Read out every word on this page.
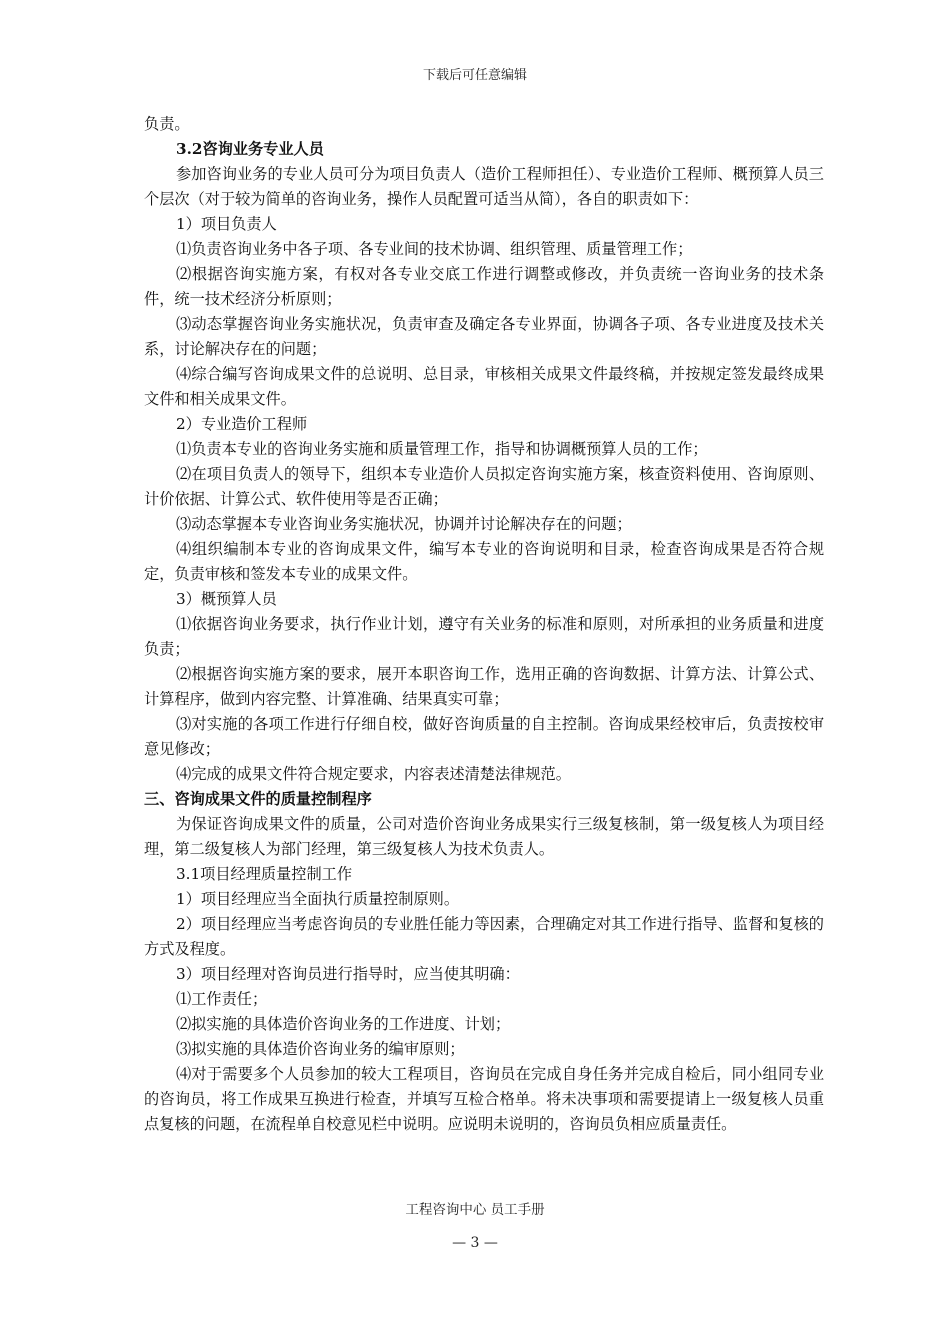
下载后可任意编辑

负责。

3.2咨询业务专业人员

参加咨询业务的专业人员可分为项目负责人（造价工程师担任）、专业造价工程师、概预算人员三个层次（对于较为简单的咨询业务，操作人员配置可适当从简），各自的职责如下：

1）项目负责人

⑴负责咨询业务中各子项、各专业间的技术协调、组织管理、质量管理工作；

⑵根据咨询实施方案，有权对各专业交底工作进行调整或修改，并负责统一咨询业务的技术条件，统一技术经济分析原则；

⑶动态掌握咨询业务实施状况，负责审查及确定各专业界面，协调各子项、各专业进度及技术关系，讨论解决存在的问题；

⑷综合编写咨询成果文件的总说明、总目录，审核相关成果文件最终稿，并按规定签发最终成果文件和相关成果文件。

2）专业造价工程师

⑴负责本专业的咨询业务实施和质量管理工作，指导和协调概预算人员的工作；

⑵在项目负责人的领导下，组织本专业造价人员拟定咨询实施方案，核查资料使用、咨询原则、计价依据、计算公式、软件使用等是否正确；

⑶动态掌握本专业咨询业务实施状况，协调并讨论解决存在的问题；

⑷组织编制本专业的咨询成果文件，编写本专业的咨询说明和目录，检查咨询成果是否符合规定，负责审核和签发本专业的成果文件。

3）概预算人员

⑴依据咨询业务要求，执行作业计划，遵守有关业务的标准和原则，对所承担的业务质量和进度负责；

⑵根据咨询实施方案的要求，展开本职咨询工作，选用正确的咨询数据、计算方法、计算公式、计算程序，做到内容完整、计算准确、结果真实可靠；

⑶对实施的各项工作进行仔细自校，做好咨询质量的自主控制。咨询成果经校审后，负责按校审意见修改；

⑷完成的成果文件符合规定要求，内容表述清楚法律规范。

三、咨询成果文件的质量控制程序

为保证咨询成果文件的质量，公司对造价咨询业务成果实行三级复核制，第一级复核人为项目经理，第二级复核人为部门经理，第三级复核人为技术负责人。

3.1项目经理质量控制工作

1）项目经理应当全面执行质量控制原则。

2）项目经理应当考虑咨询员的专业胜任能力等因素，合理确定对其工作进行指导、监督和复核的方式及程度。

3）项目经理对咨询员进行指导时，应当使其明确：

⑴工作责任；

⑵拟实施的具体造价咨询业务的工作进度、计划；

⑶拟实施的具体造价咨询业务的编审原则；

⑷对于需要多个人员参加的较大工程项目，咨询员在完成自身任务并完成自检后，同小组同专业的咨询员，将工作成果互换进行检查，并填写互检合格单。将未决事项和需要提请上一级复核人员重点复核的问题，在流程单自校意见栏中说明。应说明未说明的，咨询员负相应质量责任。

工程咨询中心 员工手册
— 3 —
